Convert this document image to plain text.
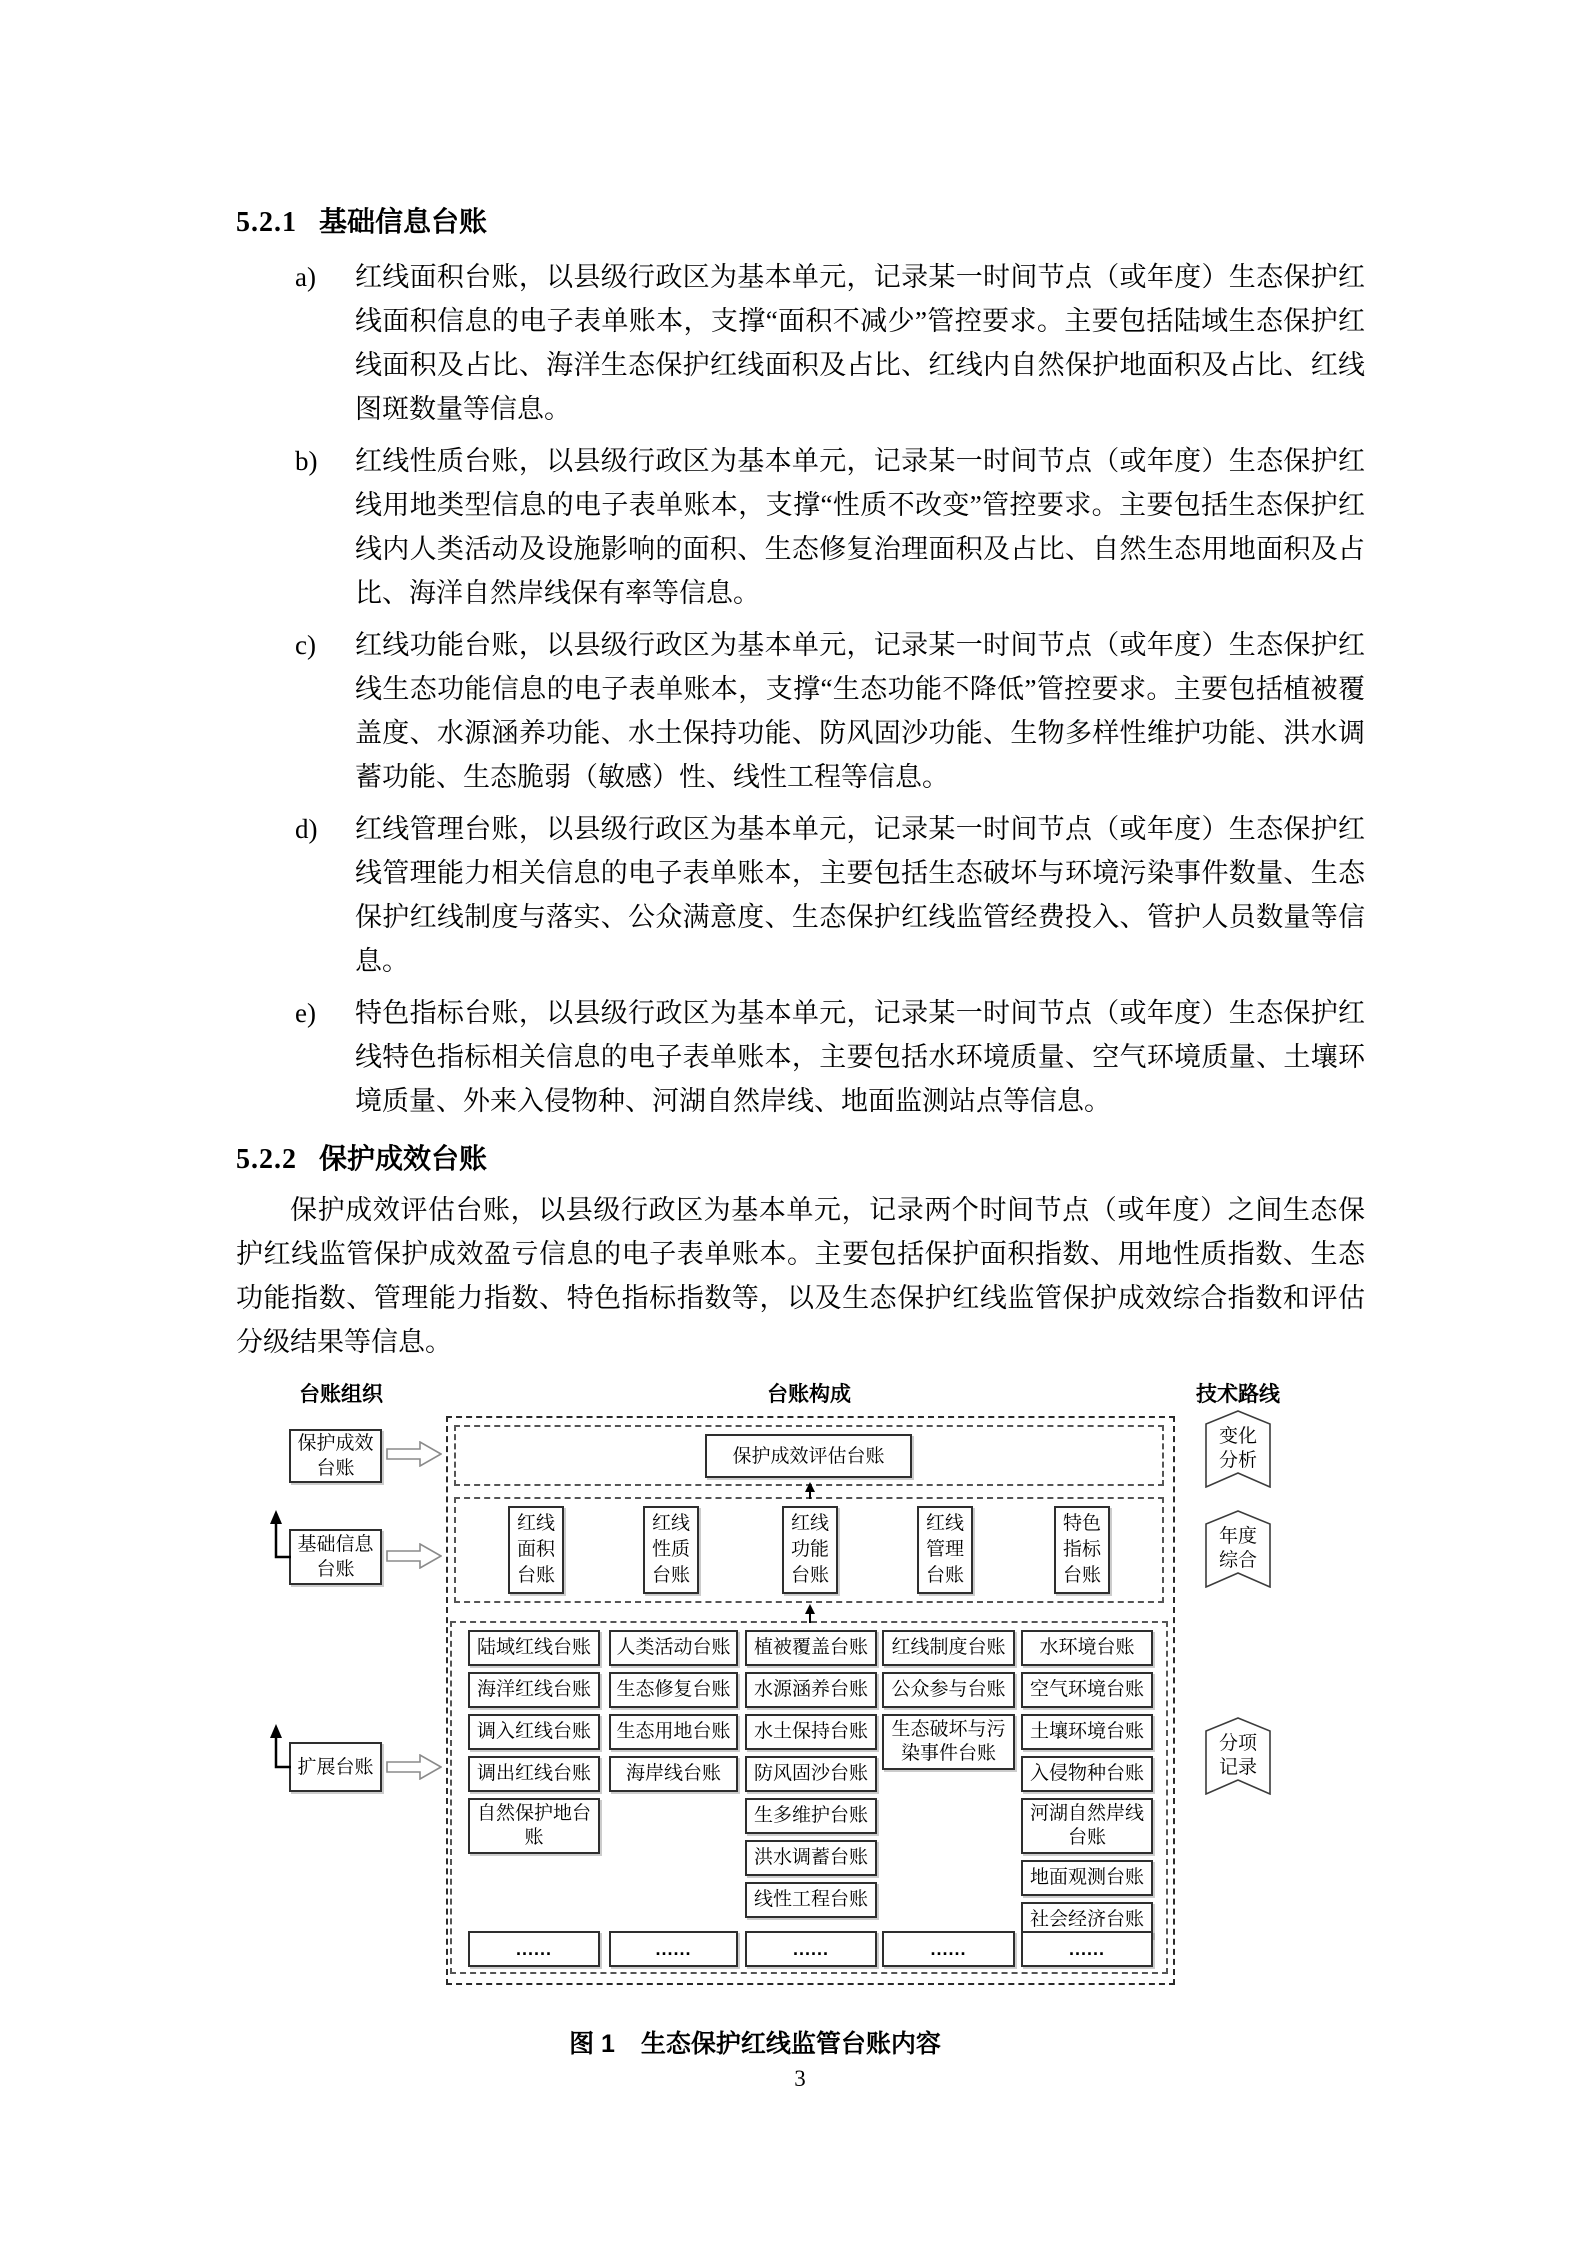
5.2.1 基础信息台账
a)	红线面积台账，以县级行政区为基本单元，记录某一时间节点（或年度）生态保护红线面积信息的电子表单账本，支撑“面积不减少”管控要求。主要包括陆域生态保护红线面积及占比、海洋生态保护红线面积及占比、红线内自然保护地面积及占比、红线图斑数量等信息。
b)	红线性质台账，以县级行政区为基本单元，记录某一时间节点（或年度）生态保护红线用地类型信息的电子表单账本，支撑“性质不改变”管控要求。主要包括生态保护红线内人类活动及设施影响的面积、生态修复治理面积及占比、自然生态用地面积及占比、海洋自然岸线保有率等信息。
c)	红线功能台账，以县级行政区为基本单元，记录某一时间节点（或年度）生态保护红线生态功能信息的电子表单账本，支撑“生态功能不降低”管控要求。主要包括植被覆盖度、水源涵养功能、水土保持功能、防风固沙功能、生物多样性维护功能、洪水调蓄功能、生态脆弱（敏感）性、线性工程等信息。
d)	红线管理台账，以县级行政区为基本单元，记录某一时间节点（或年度）生态保护红线管理能力相关信息的电子表单账本，主要包括生态破坏与环境污染事件数量、生态保护红线制度与落实、公众满意度、生态保护红线监管经费投入、管护人员数量等信息。
e)	特色指标台账，以县级行政区为基本单元，记录某一时间节点（或年度）生态保护红线特色指标相关信息的电子表单账本，主要包括水环境质量、空气环境质量、土壤环境质量、外来入侵物种、河湖自然岸线、地面监测站点等信息。
5.2.2 保护成效台账

保护成效评估台账，以县级行政区为基本单元，记录两个时间节点（或年度）之间生态保护红线监管保护成效盈亏信息的电子表单账本。主要包括保护面积指数、用地性质指数、生态功能指数、管理能力指数、特色指标指数等，以及生态保护红线监管保护成效综合指数和评估分级结果等信息。

台账组织	台账构成	技术路线
保护成效台账
基础信息台账
扩展台账
保护成效评估台账
红线面积台账
红线性质台账
红线功能台账
红线管理台账
特色指标台账
陆域红线台账
海洋红线台账
调入红线台账
调出红线台账
自然保护地台账
人类活动台账
生态修复台账
生态用地台账
海岸线台账
植被覆盖台账
水源涵养台账
水土保持台账
防风固沙台账
生多维护台账
洪水调蓄台账
线性工程台账
红线制度台账
公众参与台账
生态破坏与污染事件台账
水环境台账
空气环境台账
土壤环境台账
入侵物种台账
河湖自然岸线台账
地面观测台账
社会经济台账
......	......	......	......	......
变化分析
年度综合
分项记录
图 1 生态保护红线监管台账内容
3
